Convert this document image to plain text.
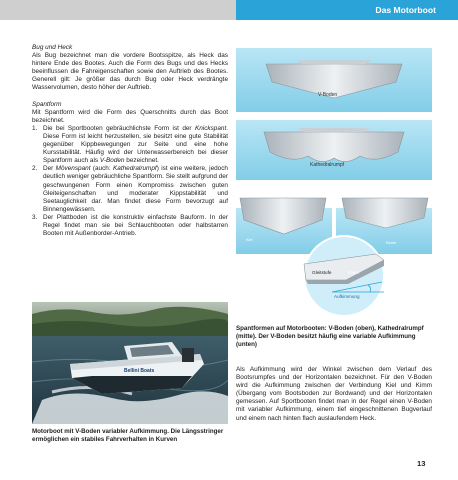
Das Motorboot

Bug und Heck

Als Bug bezeichnet man die vordere Bootsspitze, als Heck das hintere Ende des Bootes. Auch die Form des Bugs und des Hecks beeinflussen die Fahreigenschaften sowie den Auftrieb des Bootes. Generell gilt: Je größer das durch Bug oder Heck verdrängte Wasservolumen, desto höher der Auftrieb.

Spantform

Mit Spantform wird die Form des Querschnitts durch das Boot bezeichnet.

1. Die bei Sportbooten gebräuchlichste Form ist der Knickspant. Diese Form ist leicht herzustellen, sie besitzt eine gute Stabilität gegenüber Kippbewegungen zur Seite und eine hohe Kursstabilität. Häufig wird der Unterwasserbereich bei dieser Spantform auch als V-Boden bezeichnet.
2. Der Mövenspant (auch: Kathedralrumpf) ist eine weitere, jedoch deutlich weniger gebräuchliche Spantform. Sie stellt aufgrund der geschwungenen Form einen Kompromiss zwischen guten Gleiteigenschaften und moderater Kippstabilität und Seetauglichkeit dar. Man findet diese Form bevorzugt auf Binnengewässern.
3. Der Plattboden ist die konstruktiv einfachste Bauform. In der Regel findet man sie bei Schlauchbooten oder halbstarren Booten mit Außenborder-Antrieb.
Bellini Boats

Motorboot mit V-Boden variabler Aufkimmung. Die Längsstringer ermöglichen ein stabiles Fahrverhalten in Kurven

V-Boden
Kathedralrumpf
Kiel
Kimm
Gleitstufe	Kimm
Aufkimmung

Spantformen auf Motorbooten: V-Boden (oben), Kathedralrumpf (mitte). Der V-Boden besitzt häufig eine variable Aufkimmung (unten)

Als Aufkimmung wird der Winkel zwischen dem Verlauf des Bootsrumpfes und der Horizontalen bezeichnet. Für den V-Boden wird die Aufkimmung zwischen der Verbindung Kiel und Kimm (Übergang vom Bootsboden zur Bordwand) und der Horizontalen gemessen. Auf Sportbooten findet man in der Regel einen V-Boden mit variabler Aufkimmung, einem tief eingeschnittenen Bugverlauf und einem nach hinten flach auslaufendem Heck.

13
